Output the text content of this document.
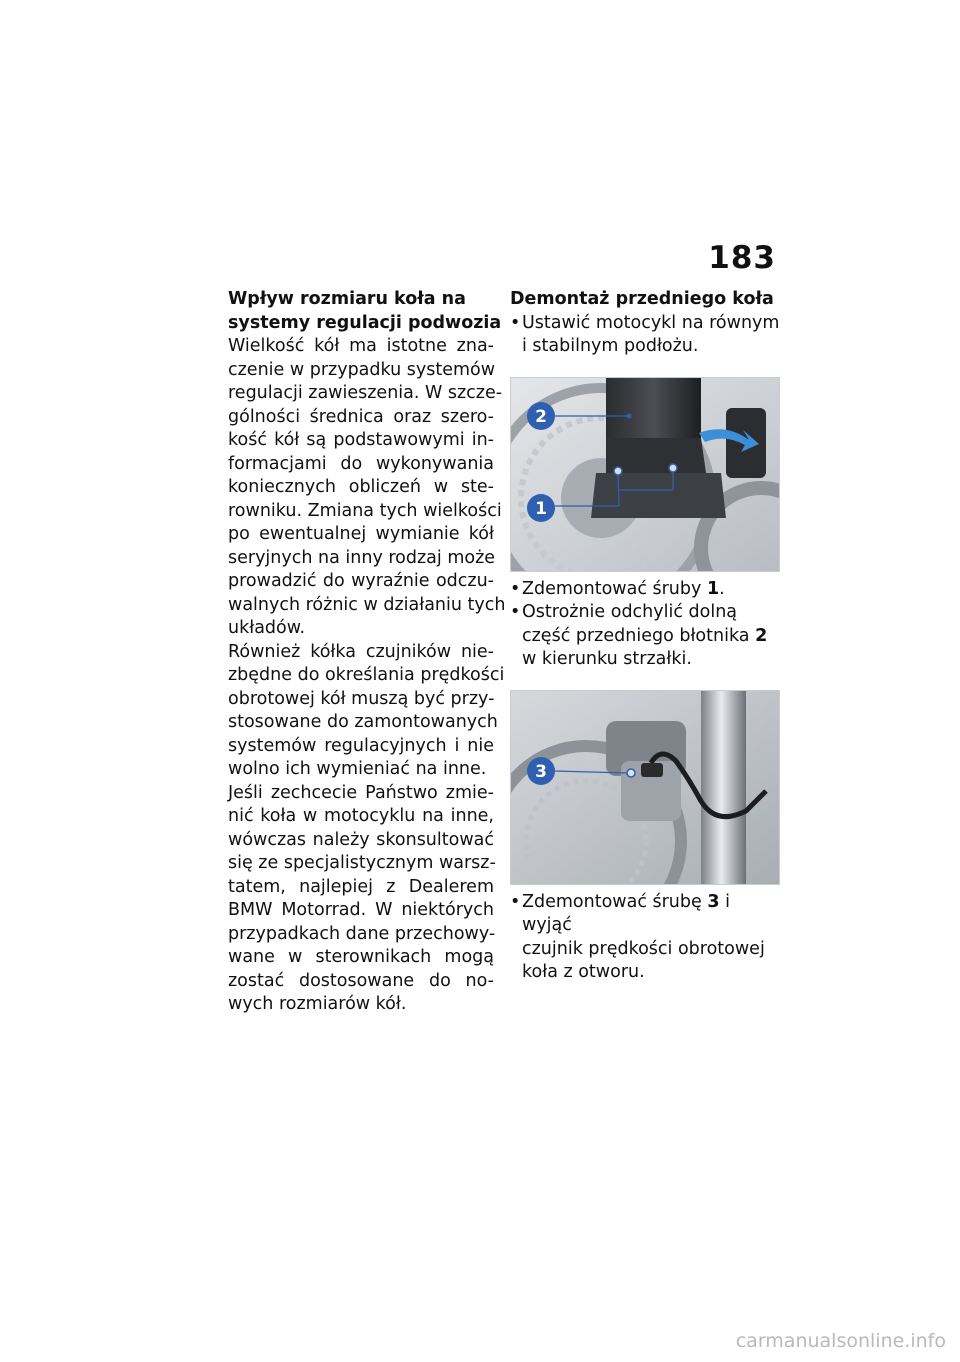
183
Wpływ rozmiaru koła na
systemy regulacji podwozia
Wielkość kół ma istotne zna-
czenie w przypadku systemów
regulacji zawieszenia. W szcze-
gólności średnica oraz szero-
kość kół są podstawowymi in-
formacjami do wykonywania
koniecznych obliczeń w ste-
rowniku. Zmiana tych wielkości
po ewentualnej wymianie kół
seryjnych na inny rodzaj może
prowadzić do wyraźnie odczu-
walnych różnic w działaniu tych
układów.
Również kółka czujników nie-
zbędne do określania prędkości
obrotowej kół muszą być przy-
stosowane do zamontowanych
systemów regulacyjnych i nie
wolno ich wymieniać na inne.
Jeśli zechcecie Państwo zmie-
nić koła w motocyklu na inne,
wówczas należy skonsultować
się ze specjalistycznym warsz-
tatem, najlepiej z Dealerem
BMW Motorrad. W niektórych
przypadkach dane przechowy-
wane w sterownikach mogą
zostać dostosowane do no-
wych rozmiarów kół.
Demontaż przedniego koła
• Ustawić motocykl na równym
i stabilnym podłożu.
2
1
• Zdemontować śruby 1.
• Ostrożnie odchylić dolną
część przedniego błotnika 2
w kierunku strzałki.
3
• Zdemontować śrubę 3 i wyjąć
czujnik prędkości obrotowej
koła z otworu.
carmanualsonline.info
